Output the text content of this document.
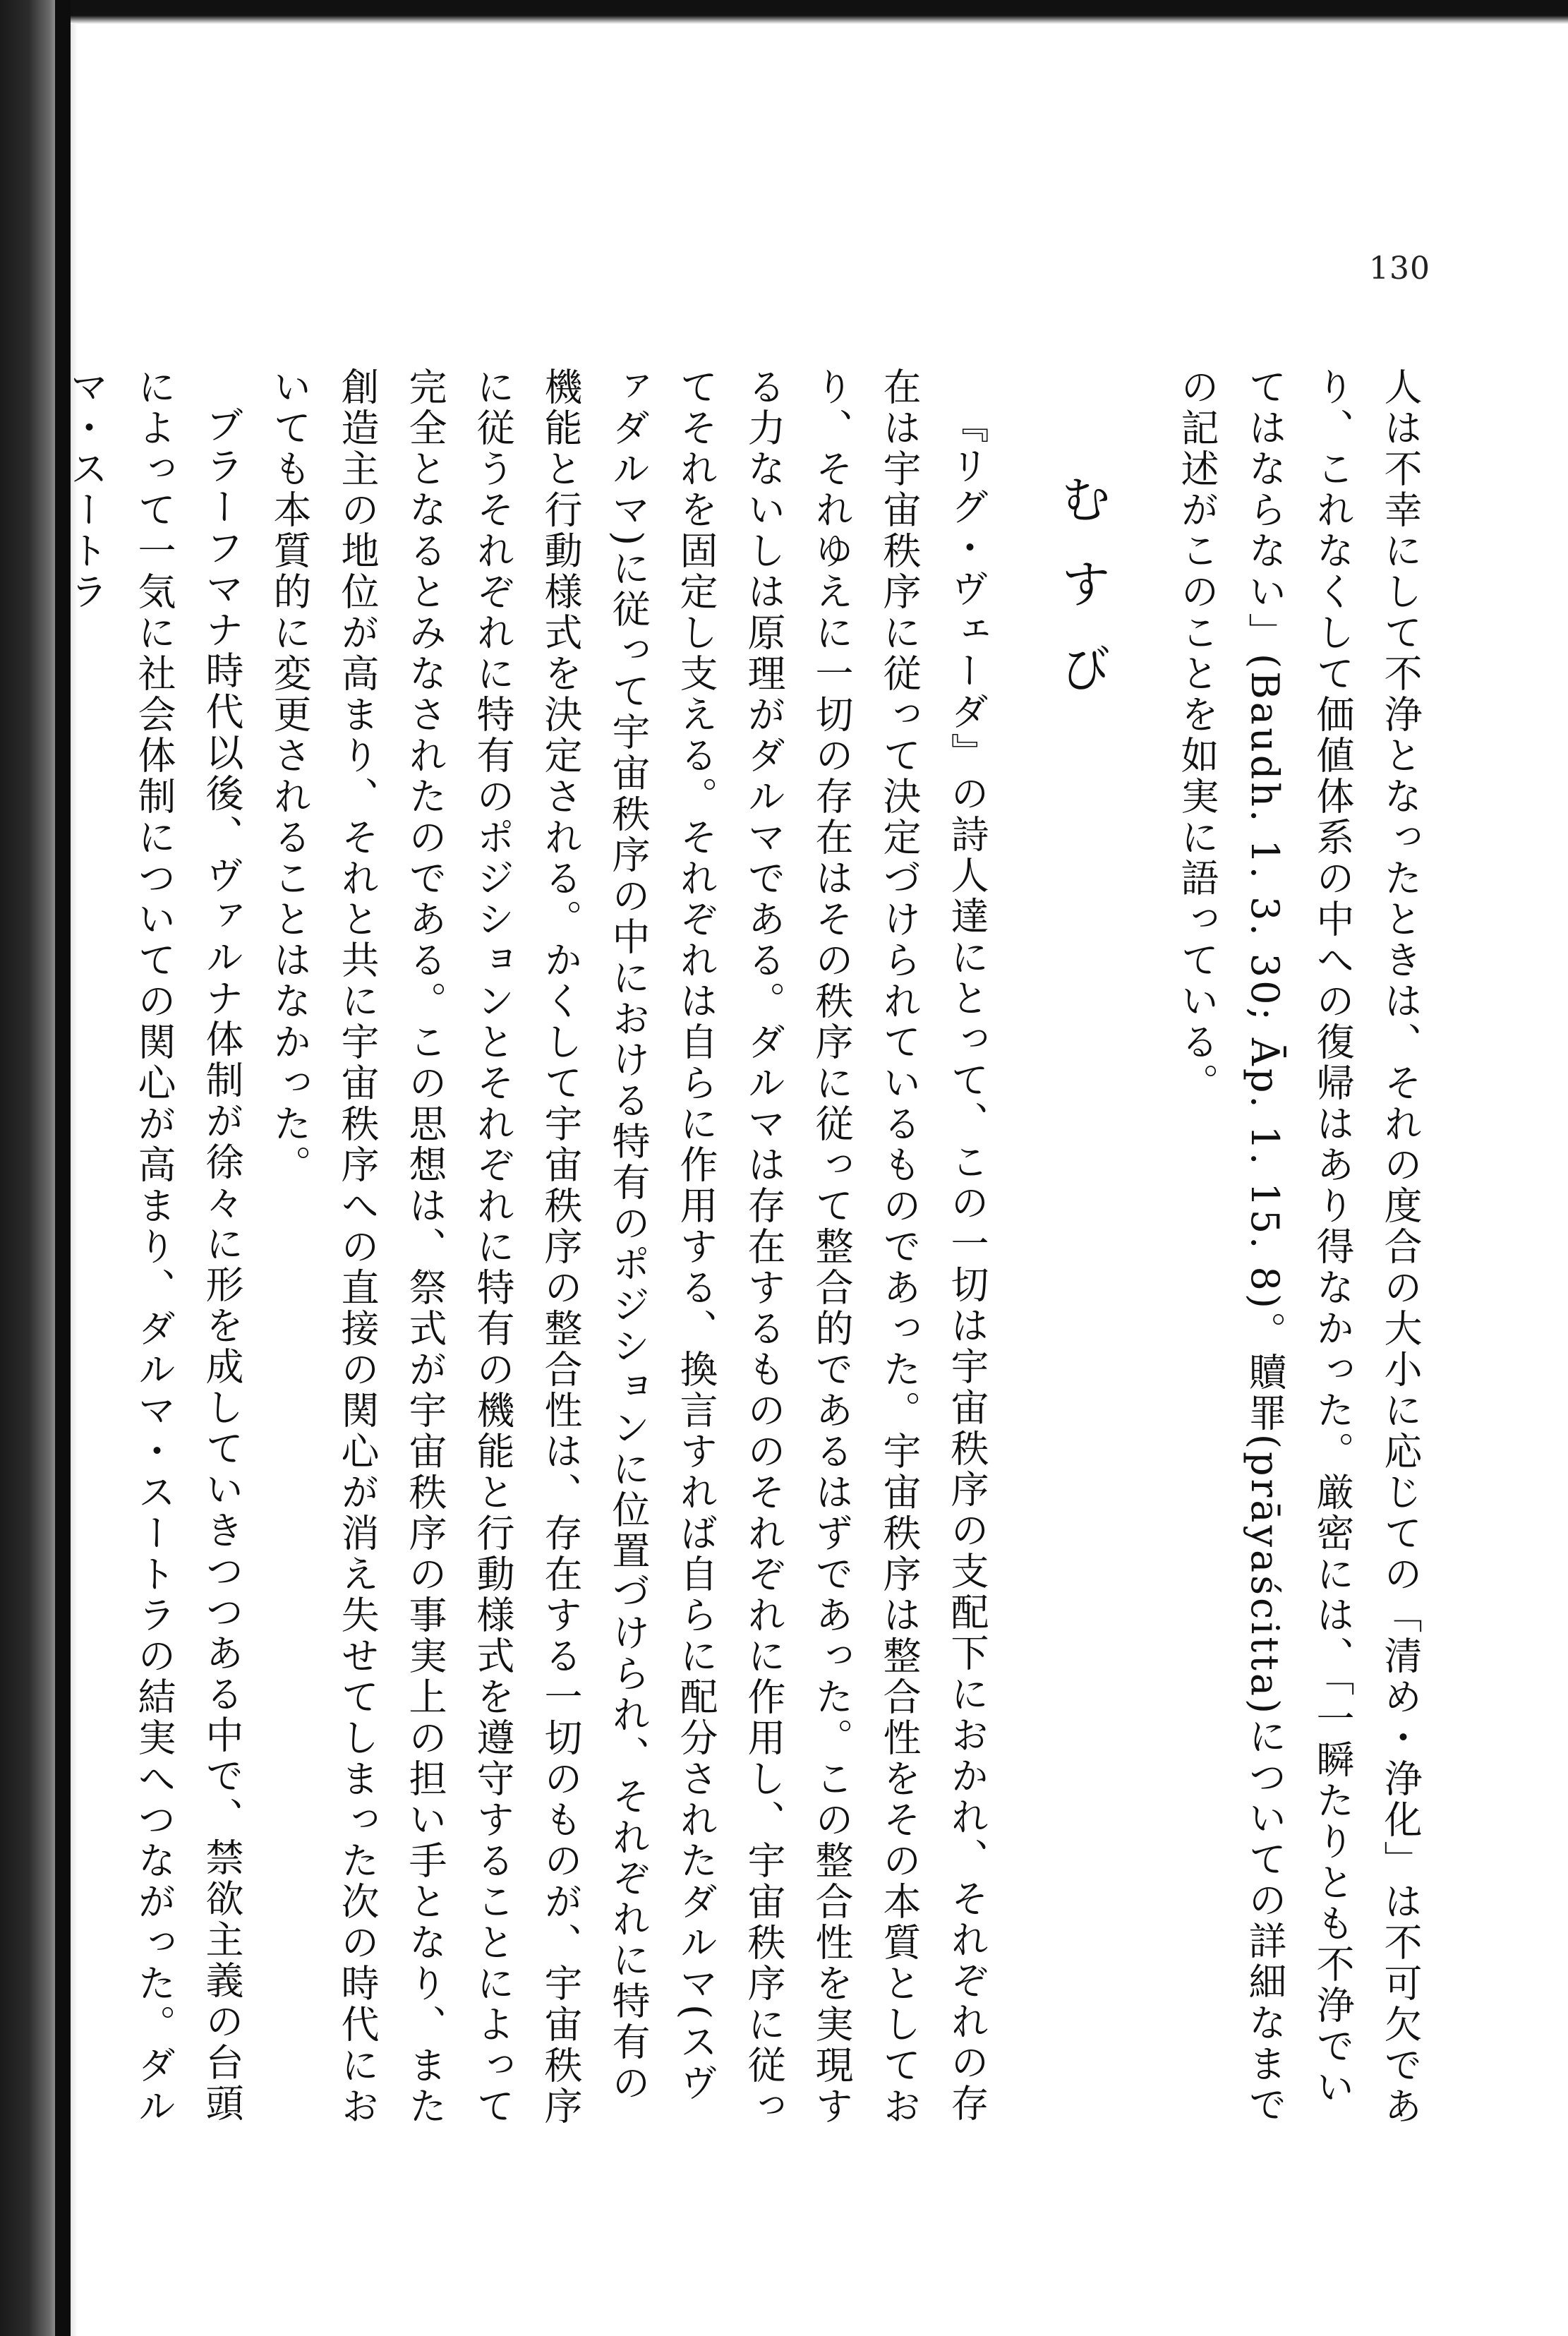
130

人は不幸にして不浄となったときは、それの度合の大小に応じての「清め・浄化」は不可欠であり、これなくして価値体系の中への復帰はあり得なかった。厳密には、「一瞬たりとも不浄でいてはならない」(Baudh. 1. 3. 30; Āp. 1. 15. 8)。贖罪(prāyaścitta)についての詳細なまでの記述がこのことを如実に語っている。

むすび

『リグ・ヴェーダ』の詩人達にとって、この一切は宇宙秩序の支配下におかれ、それぞれの存在は宇宙秩序に従って決定づけられているものであった。宇宙秩序は整合性をその本質としており、それゆえに一切の存在はその秩序に従って整合的であるはずであった。この整合性を実現する力ないしは原理がダルマである。ダルマは存在するもののそれぞれに作用し、宇宙秩序に従ってそれを固定し支える。それぞれは自らに作用する、換言すれば自らに配分されたダルマ(スヴァダルマ)に従って宇宙秩序の中における特有のポジションに位置づけられ、それぞれに特有の機能と行動様式を決定される。かくして宇宙秩序の整合性は、存在する一切のものが、宇宙秩序に従うそれぞれに特有のポジションとそれぞれに特有の機能と行動様式を遵守することによって完全となるとみなされたのである。この思想は、祭式が宇宙秩序の事実上の担い手となり、また創造主の地位が高まり、それと共に宇宙秩序への直接の関心が消え失せてしまった次の時代においても本質的に変更されることはなかった。

ブラーフマナ時代以後、ヴァルナ体制が徐々に形を成していきつつある中で、禁欲主義の台頭によって一気に社会体制についての関心が高まり、ダルマ・スートラの結実へつながった。ダルマ・スートラ
